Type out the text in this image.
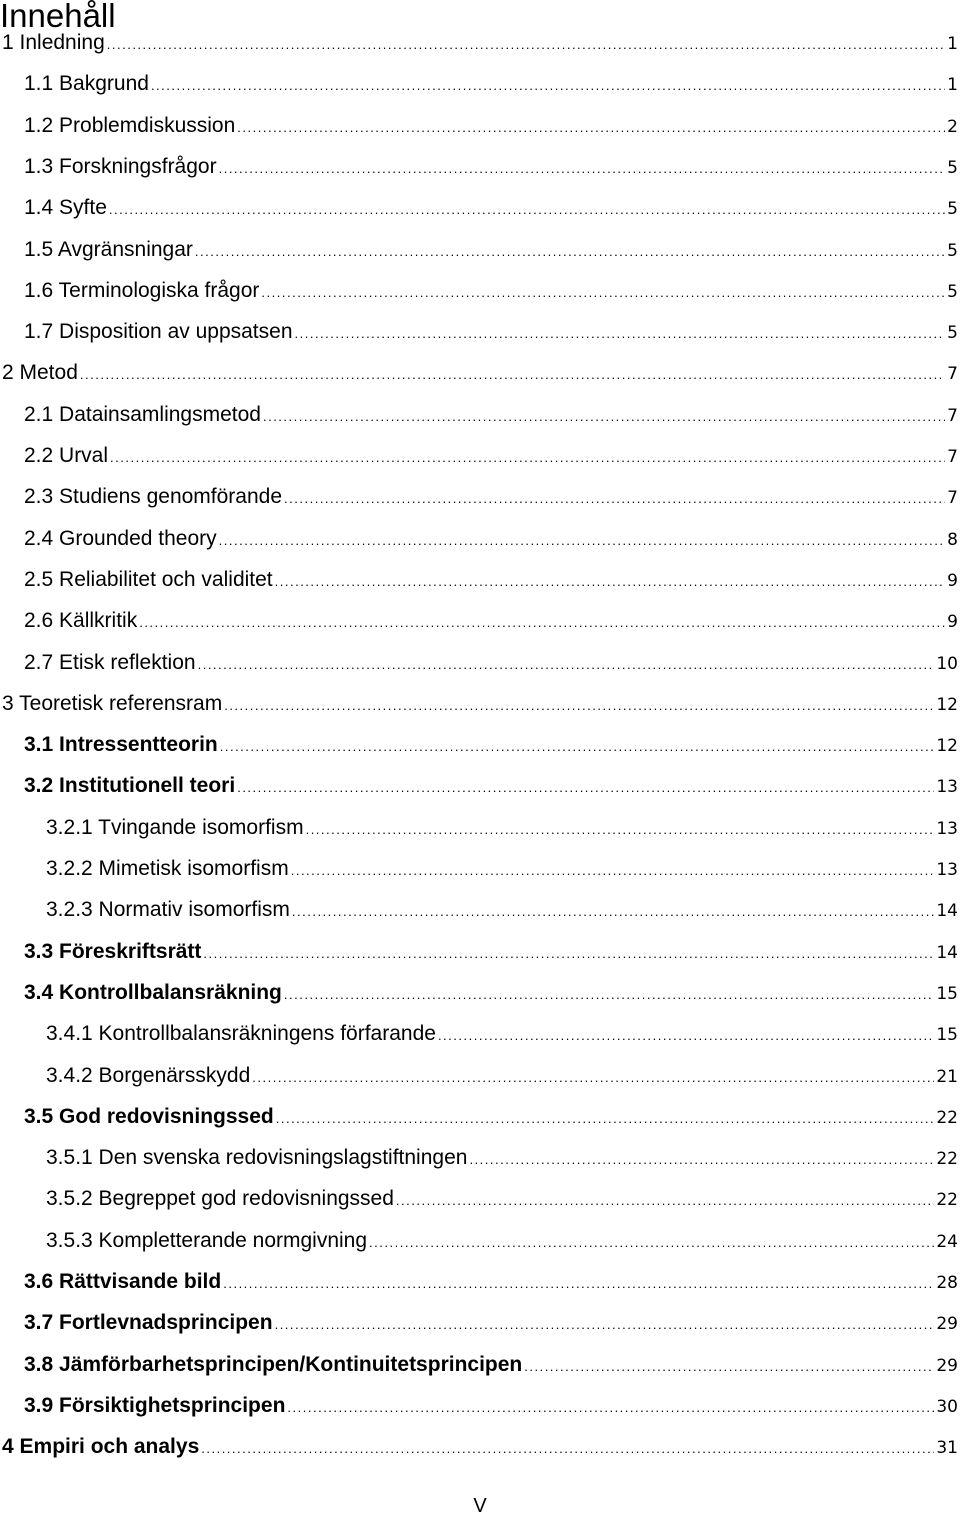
Innehåll
1 Inledning .....	1
1.1 Bakgrund .....	1
1.2 Problemdiskussion .....	2
1.3 Forskningsfrågor .....	5
1.4 Syfte .....	5
1.5 Avgränsningar .....	5
1.6 Terminologiska frågor .....	5
1.7 Disposition av uppsatsen .....	5
2 Metod .....	7
2.1 Datainsamlingsmetod .....	7
2.2 Urval .....	7
2.3 Studiens genomförande .....	7
2.4 Grounded theory .....	8
2.5 Reliabilitet och validitet .....	9
2.6 Källkritik .....	9
2.7 Etisk reflektion .....	10
3 Teoretisk referensram .....	12
3.1 Intressentteorin .....	12
3.2 Institutionell teori .....	13
3.2.1 Tvingande isomorfism .....	13
3.2.2 Mimetisk isomorfism .....	13
3.2.3 Normativ isomorfism .....	14
3.3 Föreskriftsrätt .....	14
3.4 Kontrollbalansräkning .....	15
3.4.1 Kontrollbalansräkningens förfarande .....	15
3.4.2 Borgenärsskydd .....	21
3.5 God redovisningssed .....	22
3.5.1 Den svenska redovisningslagstiftningen .....	22
3.5.2 Begreppet god redovisningssed .....	22
3.5.3 Kompletterande normgivning .....	24
3.6 Rättvisande bild .....	28
3.7 Fortlevnadsprincipen .....	29
3.8 Jämförbarhetsprincipen/Kontinuitetsprincipen .....	29
3.9 Försiktighetsprincipen .....	30
4 Empiri och analys .....	31
V
